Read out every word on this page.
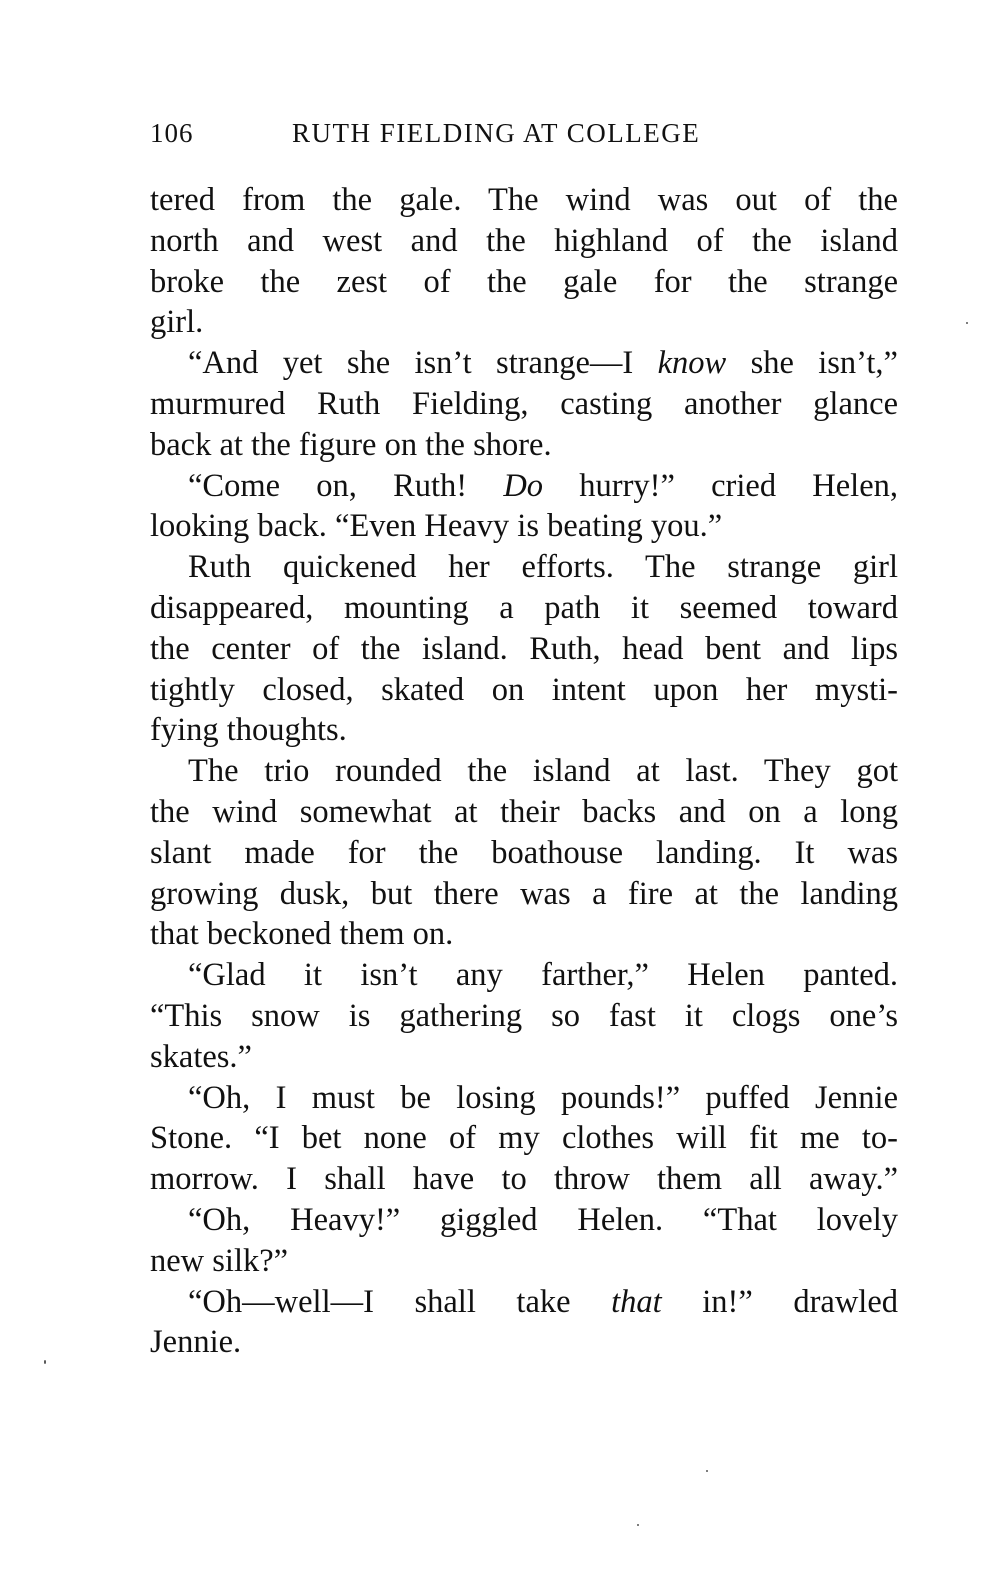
106	RUTH FIELDING AT COLLEGE
tered from the gale. The wind was out of the
north and west and the highland of the island
broke the zest of the gale for the strange
girl.
“And yet she isn’t strange—I know she isn’t,”
murmured Ruth Fielding, casting another glance
back at the figure on the shore.
“Come on, Ruth! Do hurry!” cried Helen,
looking back. “Even Heavy is beating you.”
Ruth quickened her efforts. The strange girl
disappeared, mounting a path it seemed toward
the center of the island. Ruth, head bent and lips
tightly closed, skated on intent upon her mysti-
fying thoughts.
The trio rounded the island at last. They got
the wind somewhat at their backs and on a long
slant made for the boathouse landing. It was
growing dusk, but there was a fire at the landing
that beckoned them on.
“Glad it isn’t any farther,” Helen panted.
“This snow is gathering so fast it clogs one’s
skates.”
“Oh, I must be losing pounds!” puffed Jennie
Stone. “I bet none of my clothes will fit me to-
morrow. I shall have to throw them all away.”
“Oh, Heavy!” giggled Helen. “That lovely
new silk?”
“Oh—well—I shall take that in!” drawled
Jennie.
